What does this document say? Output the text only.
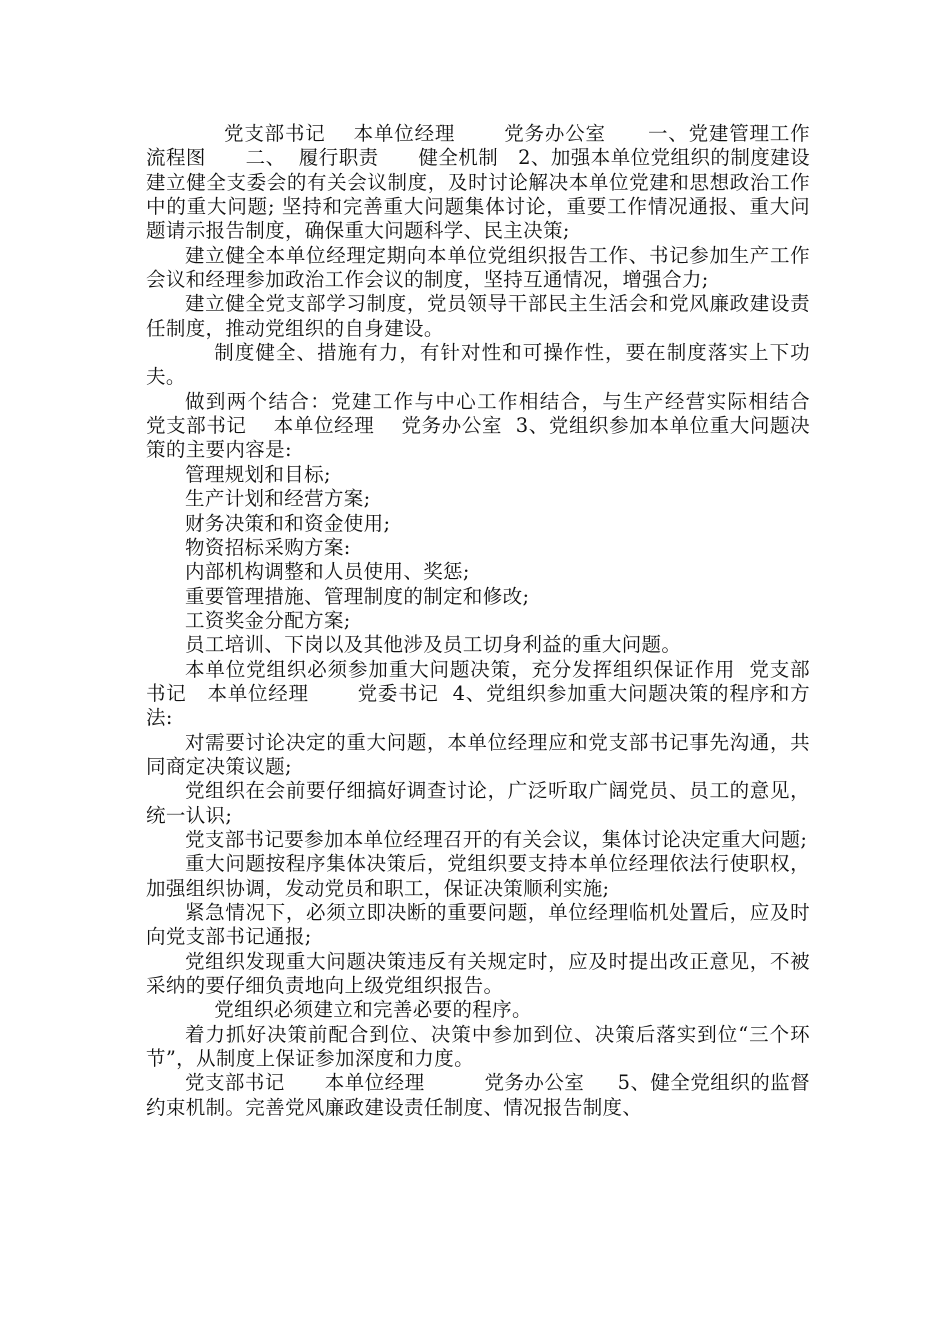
党支部书记    本单位经理       党务办公室      一、党建管理工作流程图      二、  履行职责      健全机制   2、加强本单位党组织的制度建设 建立健全支委会的有关会议制度，及时讨论解决本单位党建和思想政治工作中的重大问题; 坚持和完善重大问题集体讨论，重要工作情况通报、重大问题请示报告制度，确保重大问题科学、民主决策;

建立健全本单位经理定期向本单位党组织报告工作、书记参加生产工作会议和经理参加政治工作会议的制度，坚持互通情况，增强合力;

建立健全党支部学习制度，党员领导干部民主生活会和党风廉政建设责任制度，推动党组织的自身建设。

制度健全、措施有力，有针对性和可操作性，要在制度落实上下功夫。

做到两个结合：党建工作与中心工作相结合，与生产经营实际相结合   党支部书记    本单位经理    党务办公室  3、党组织参加本单位重大问题决策的主要内容是:

管理规划和目标;

生产计划和经营方案;

财务决策和和资金使用;

物资招标采购方案:

内部机构调整和人员使用、奖惩;

重要管理措施、管理制度的制定和修改;

工资奖金分配方案;

员工培训、下岗以及其他涉及员工切身利益的重大问题。

本单位党组织必须参加重大问题决策，充分发挥组织保证作用  党支部书记   本单位经理       党委书记  4、党组织参加重大问题决策的程序和方法:

对需要讨论决定的重大问题，本单位经理应和党支部书记事先沟通，共同商定决策议题;

党组织在会前要仔细搞好调查讨论，广泛听取广阔党员、员工的意见，统一认识;

党支部书记要参加本单位经理召开的有关会议，集体讨论决定重大问题;

重大问题按程序集体决策后，党组织要支持本单位经理依法行使职权，加强组织协调，发动党员和职工，保证决策顺利实施;

紧急情况下，必须立即决断的重要问题，单位经理临机处置后，应及时向党支部书记通报;

党组织发现重大问题决策违反有关规定时，应及时提出改正意见，不被采纳的要仔细负责地向上级党组织报告。

党组织必须建立和完善必要的程序。

着力抓好决策前配合到位、决策中参加到位、决策后落实到位“三个环节”，从制度上保证参加深度和力度。

党支部书记      本单位经理         党务办公室     5、健全党组织的监督约束机制。完善党风廉政建设责任制度、情况报告制度、
